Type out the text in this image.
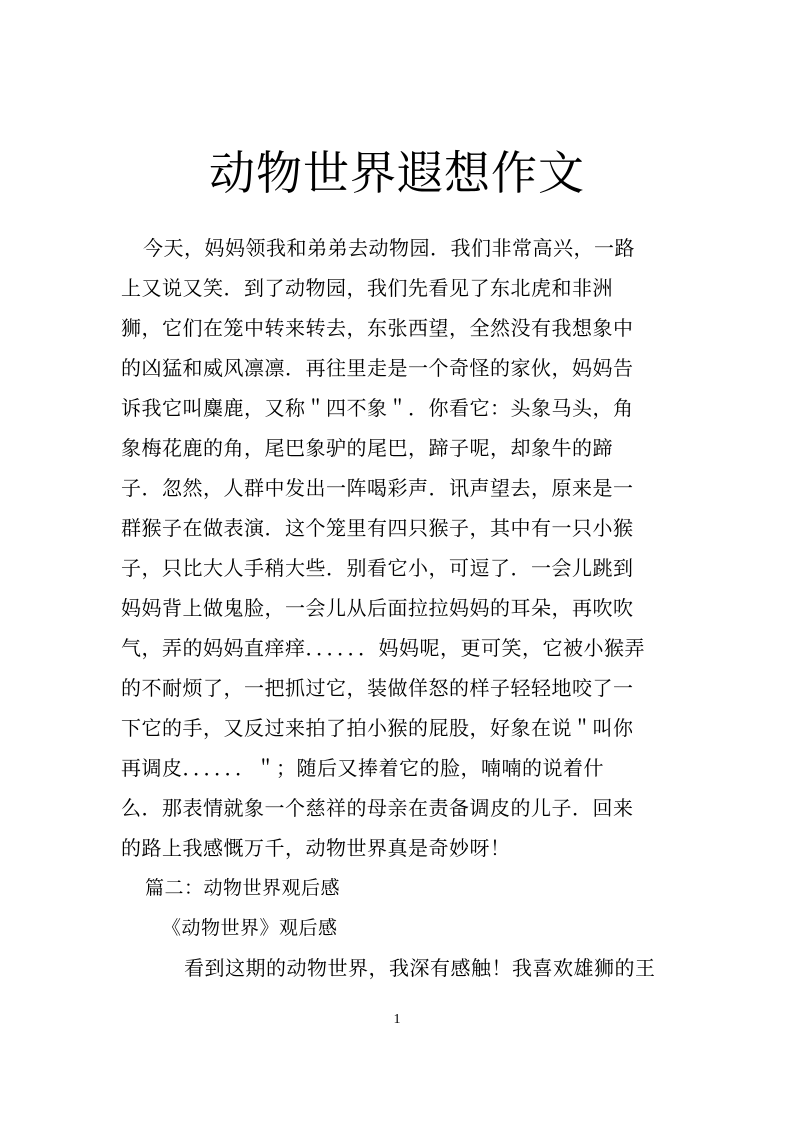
动物世界遐想作文
今天，妈妈领我和弟弟去动物园．我们非常高兴，一路
上又说又笑．到了动物园，我们先看见了东北虎和非洲
狮，它们在笼中转来转去，东张西望，全然没有我想象中
的凶猛和威风凛凛．再往里走是一个奇怪的家伙，妈妈告
诉我它叫麋鹿，又称＂四不象＂．你看它：头象马头，角
象梅花鹿的角，尾巴象驴的尾巴，蹄子呢，却象牛的蹄
子．忽然，人群中发出一阵喝彩声．讯声望去，原来是一
群猴子在做表演．这个笼里有四只猴子，其中有一只小猴
子，只比大人手稍大些．别看它小，可逗了．一会儿跳到
妈妈背上做鬼脸，一会儿从后面拉拉妈妈的耳朵，再吹吹
气，弄的妈妈直痒痒．．．．．．妈妈呢，更可笑，它被小猴弄
的不耐烦了，一把抓过它，装做佯怒的样子轻轻地咬了一
下它的手，又反过来拍了拍小猴的屁股，好象在说＂叫你
再调皮．．．．．．＂；随后又捧着它的脸，喃喃的说着什
么．那表情就象一个慈祥的母亲在责备调皮的儿子．回来
的路上我感慨万千，动物世界真是奇妙呀！
篇二：动物世界观后感
《动物世界》观后感
看到这期的动物世界，我深有感触！我喜欢雄狮的王
1
